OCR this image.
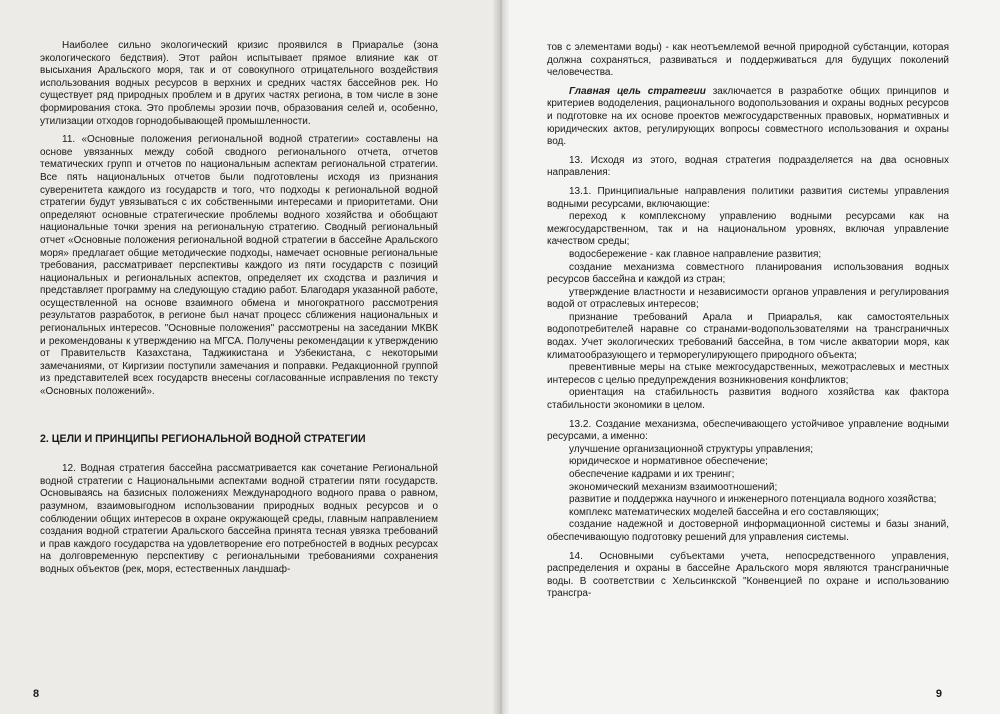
Наиболее сильно экологический кризис проявился в Приаралье (зона экологического бедствия). Этот район испытывает прямое влияние как от высыхания Аральского моря, так и от совокупного отрицательного воздействия использования водных ресурсов в верхних и средних частях бассейнов рек. Но существует ряд природных проблем и в других частях региона, в том числе в зоне формирования стока. Это проблемы эрозии почв, образования селей и, особенно, утилизации отходов горнодобывающей промышленности.

11. «Основные положения региональной водной стратегии» составлены на основе увязанных между собой сводного регионального отчета, отчетов тематических групп и отчетов по национальным аспектам региональной стратегии. Все пять национальных отчетов были подготовлены исходя из признания суверенитета каждого из государств и того, что подходы к региональной водной стратегии будут увязываться с их собственными интересами и приоритетами. Они определяют основные стратегические проблемы водного хозяйства и обобщают национальные точки зрения на региональную стратегию. Сводный региональный отчет «Основные положения региональной водной стратегии в бассейне Аральского моря» предлагает общие методические подходы, намечает основные региональные требования, рассматривает перспективы каждого из пяти государств с позиций национальных и региональных аспектов, определяет их сходства и различия и представляет программу на следующую стадию работ. Благодаря указанной работе, осуществленной на основе взаимного обмена и многократного рассмотрения результатов разработок, в регионе был начат процесс сближения национальных и региональных интересов. "Основные положения" рассмотрены на заседании МКВК и рекомендованы к утверждению на МГСА. Получены рекомендации к утверждению от Правительств Казахстана, Таджикистана и Узбекистана, с некоторыми замечаниями, от Киргизии поступили замечания и поправки. Редакционной группой из представителей всех государств внесены согласованные исправления по тексту «Основных положений».

2. ЦЕЛИ И ПРИНЦИПЫ РЕГИОНАЛЬНОЙ ВОДНОЙ СТРАТЕГИИ

12. Водная стратегия бассейна рассматривается как сочетание Региональной водной стратегии с Национальными аспектами водной стратегии пяти государств. Основываясь на базисных положениях Международного водного права о равном, разумном, взаимовыгодном использовании природных водных ресурсов и о соблюдении общих интересов в охране окружающей среды, главным направлением создания водной стратегии Аральского бассейна принята тесная увязка требований и прав каждого государства на удовлетворение его потребностей в водных ресурсах на долговременную перспективу с региональными требованиями сохранения водных объектов (рек, моря, естественных ландшаф-

8

тов с элементами воды) - как неотъемлемой вечной природной субстанции, которая должна сохраняться, развиваться и поддерживаться для будущих поколений человечества.

Главная цель стратегии заключается в разработке общих принципов и критериев вододеления, рационального водопользования и охраны водных ресурсов и подготовке на их основе проектов межгосударственных правовых, нормативных и юридических актов, регулирующих вопросы совместного использования и охраны вод.

13. Исходя из этого, водная стратегия подразделяется на два основных направления:

13.1. Принципиальные направления политики развития системы управления водными ресурсами, включающие:

переход к комплексному управлению водными ресурсами как на межгосударственном, так и на национальном уровнях, включая управление качеством среды;

водосбережение - как главное направление развития;

создание механизма совместного планирования использования водных ресурсов бассейна и каждой из стран;

утверждение властности и независимости органов управления и регулирования водой от отраслевых интересов;

признание требований Арала и Приаралья, как самостоятельных водопотребителей наравне со странами-водопользователями на трансграничных водах. Учет экологических требований бассейна, в том числе акватории моря, как климатообразующего и терморегулирующего природного объекта;

превентивные меры на стыке межгосударственных, межотраслевых и местных интересов с целью предупреждения возникновения конфликтов;

ориентация на стабильность развития водного хозяйства как фактора стабильности экономики в целом.

13.2. Создание механизма, обеспечивающего устойчивое управление водными ресурсами, а именно:

улучшение организационной структуры управления;

юридическое и нормативное обеспечение;

обеспечение кадрами и их тренинг;

экономический механизм взаимоотношений;

развитие и поддержка научного и инженерного потенциала водного хозяйства;

комплекс математических моделей бассейна и его составляющих;

создание надежной и достоверной информационной системы и базы знаний, обеспечивающую подготовку решений для управления системы.

14. Основными субъектами учета, непосредственного управления, распределения и охраны в бассейне Аральского моря являются трансграничные воды. В соответствии с Хельсинкской "Конвенцией по охране и использованию трансгра-

9
